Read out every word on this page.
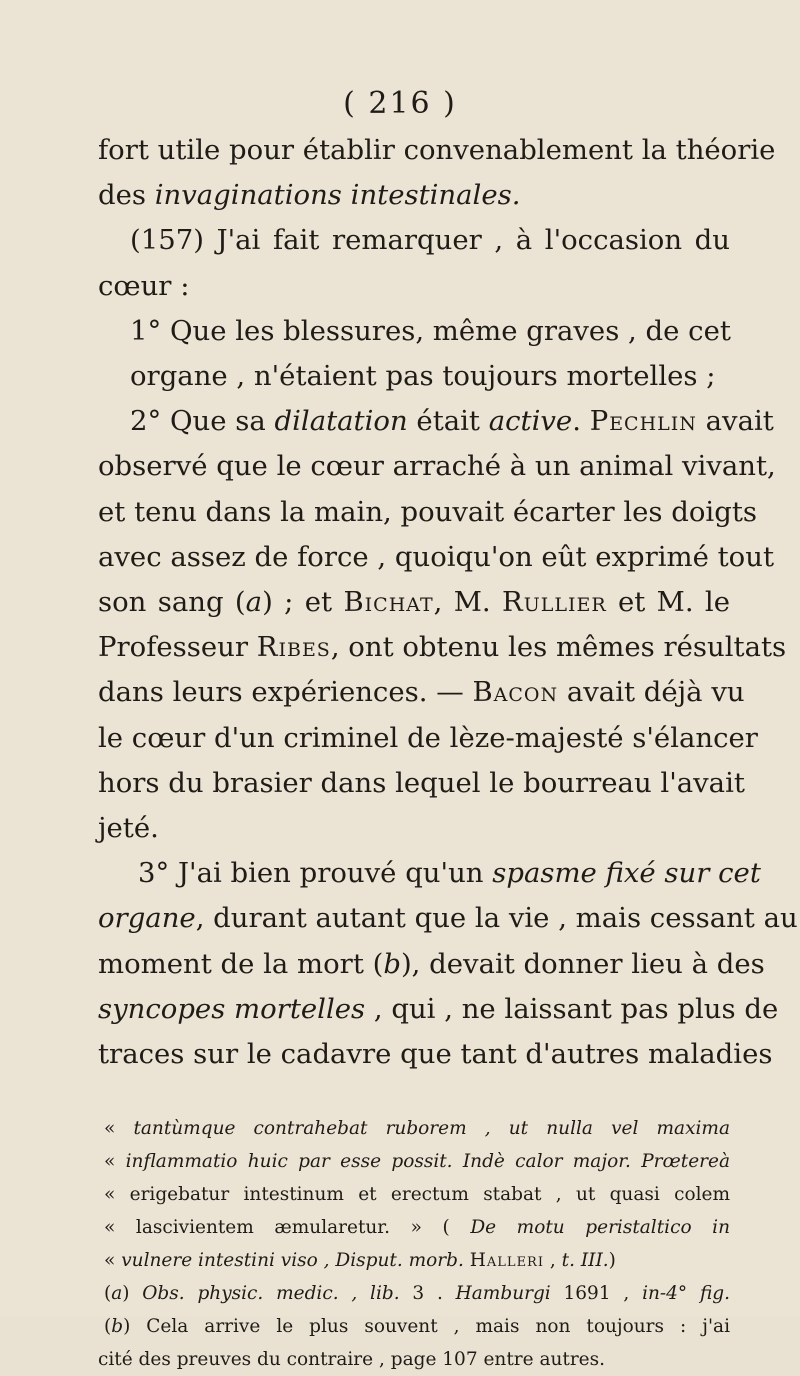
( 216 )
fort utile pour établir convenablement la théorie
des invaginations intestinales.
(157) J'ai fait remarquer , à l'occasion du
cœur :
1° Que les blessures, même graves , de cet
organe , n'étaient pas toujours mortelles ;
2° Que sa dilatation était active. Pechlin avait
observé que le cœur arraché à un animal vivant,
et tenu dans la main, pouvait écarter les doigts
avec assez de force , quoiqu'on eût exprimé tout
son sang (a) ; et Bichat, M. Rullier et M. le
Professeur Ribes, ont obtenu les mêmes résultats
dans leurs expériences. — Bacon avait déjà vu
le cœur d'un criminel de lèze-majesté s'élancer
hors du brasier dans lequel le bourreau l'avait
jeté.
3° J'ai bien prouvé qu'un spasme fixé sur cet
organe, durant autant que la vie , mais cessant au
moment de la mort (b), devait donner lieu à des
syncopes mortelles , qui , ne laissant pas plus de
traces sur le cadavre que tant d'autres maladies
« tantùmque contrahebat ruborem , ut nulla vel maxima
« inflammatio huic par esse possit. Indè calor major. Prœtereà
« erigebatur intestinum et erectum stabat , ut quasi colem
« lascivientem æmularetur. » ( De motu peristaltico in
« vulnere intestini viso , Disput. morb. Halleri , t. III.)
(a) Obs. physic. medic. , lib. 3 . Hamburgi 1691 , in-4° fig.
(b) Cela arrive le plus souvent , mais non toujours : j'ai
cité des preuves du contraire , page 107 entre autres.
